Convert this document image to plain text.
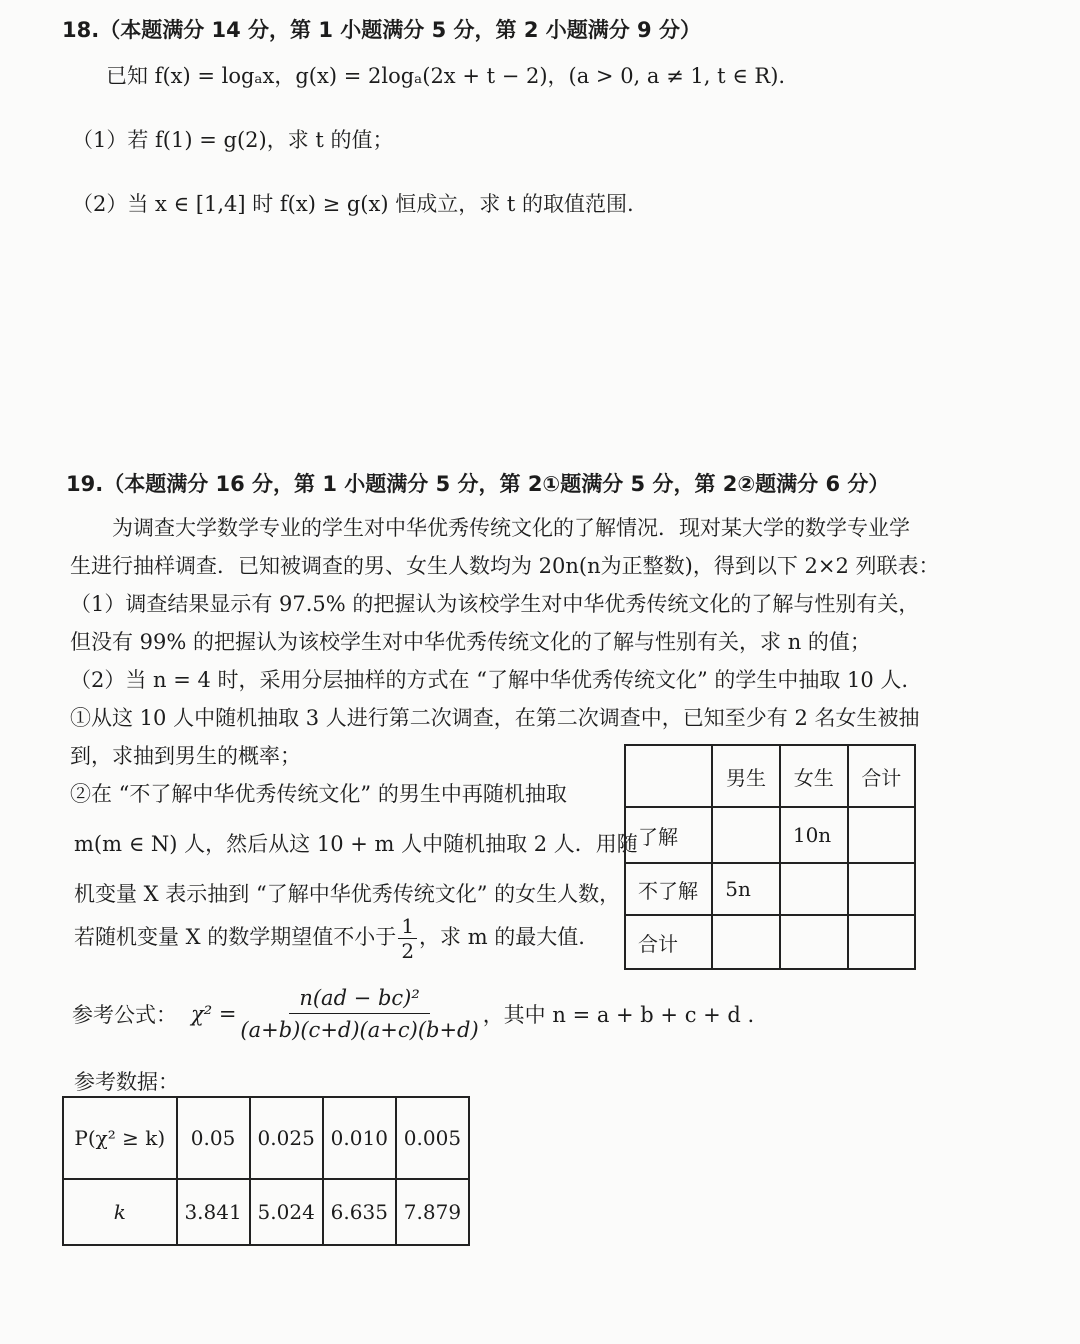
18.（本题满分 14 分，第 1 小题满分 5 分，第 2 小题满分 9 分）
已知 f(x) = logₐx，g(x) = 2logₐ(2x + t − 2)，(a > 0, a ≠ 1, t ∈ R).
（1）若 f(1) = g(2)，求 t 的值；
（2）当 x ∈ [1,4] 时 f(x) ≥ g(x) 恒成立，求 t 的取值范围.
19.（本题满分 16 分，第 1 小题满分 5 分，第 2①题满分 5 分，第 2②题满分 6 分）
为调查大学数学专业的学生对中华优秀传统文化的了解情况．现对某大学的数学专业学
生进行抽样调查．已知被调查的男、女生人数均为 20n(n为正整数)，得到以下 2×2 列联表：
（1）调查结果显示有 97.5% 的把握认为该校学生对中华优秀传统文化的了解与性别有关，
但没有 99% 的把握认为该校学生对中华优秀传统文化的了解与性别有关，求 n 的值；
（2）当 n = 4 时，采用分层抽样的方式在 “了解中华优秀传统文化” 的学生中抽取 10 人.
①从这 10 人中随机抽取 3 人进行第二次调查，在第二次调查中，已知至少有 2 名女生被抽
到，求抽到男生的概率；
②在 “不了解中华优秀传统文化” 的男生中再随机抽取
m(m ∈ N) 人，然后从这 10 + m 人中随机抽取 2 人．用随
机变量 X 表示抽到 “了解中华优秀传统文化” 的女生人数，
若随机变量 X 的数学期望值不小于 $\frac{1}{2}$ ，求 m 的最大值.
	男生	女生	合计
了解		10n	
不了解	5n		
合计			
参考公式： $\chi^2 = \frac{\text{n(ad − bc)²}}{(a+b)(c+d)(a+c)(b+d)}$ ，其中 n = a + b + c + d .
参考数据：
P(χ² ≥ k)	0.05	0.025	0.010	0.005
k	3.841	5.024	6.635	7.879
